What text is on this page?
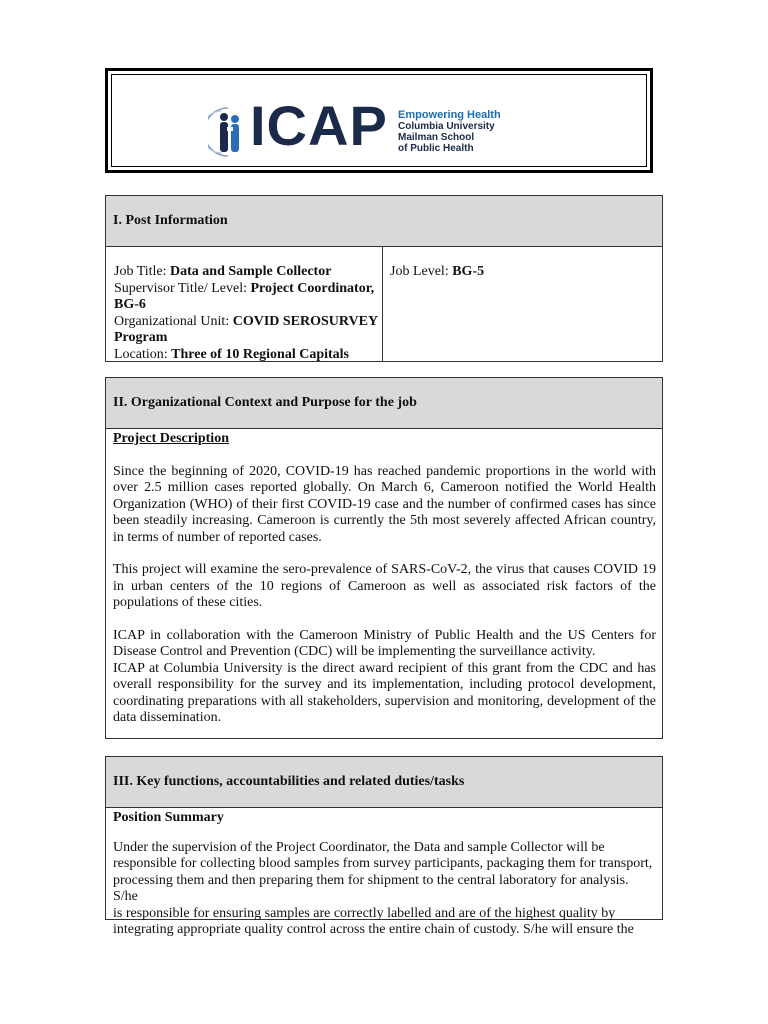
ICAP Empowering Health
Columbia University
Mailman School
of Public Health
I. Post Information
Job Title: Data and Sample Collector
Supervisor Title/ Level: Project Coordinator, BG-6
Organizational Unit: COVID SEROSURVEY Program
Location: Three of 10 Regional Capitals
Job Level: BG-5
II. Organizational Context and Purpose for the job
Project Description

Since the beginning of 2020, COVID-19 has reached pandemic proportions in the world with over 2.5 million cases reported globally. On March 6, Cameroon notified the World Health Organization (WHO) of their first COVID-19 case and the number of confirmed cases has since been steadily increasing. Cameroon is currently the 5th most severely affected African country, in terms of number of reported cases.

This project will examine the sero-prevalence of SARS-CoV-2, the virus that causes COVID 19 in urban centers of the 10 regions of Cameroon as well as associated risk factors of the populations of these cities.

ICAP in collaboration with the Cameroon Ministry of Public Health and the US Centers for Disease Control and Prevention (CDC) will be implementing the surveillance activity.

ICAP at Columbia University is the direct award recipient of this grant from the CDC and has overall responsibility for the survey and its implementation, including protocol development, coordinating preparations with all stakeholders, supervision and monitoring, development of the data dissemination.

III. Key functions, accountabilities and related duties/tasks
Position Summary
Under the supervision of the Project Coordinator, the Data and sample Collector will be
responsible for collecting blood samples from survey participants, packaging them for transport,
processing them and then preparing them for shipment to the central laboratory for analysis. S/he
is responsible for ensuring samples are correctly labelled and are of the highest quality by
integrating appropriate quality control across the entire chain of custody. S/he will ensure the
